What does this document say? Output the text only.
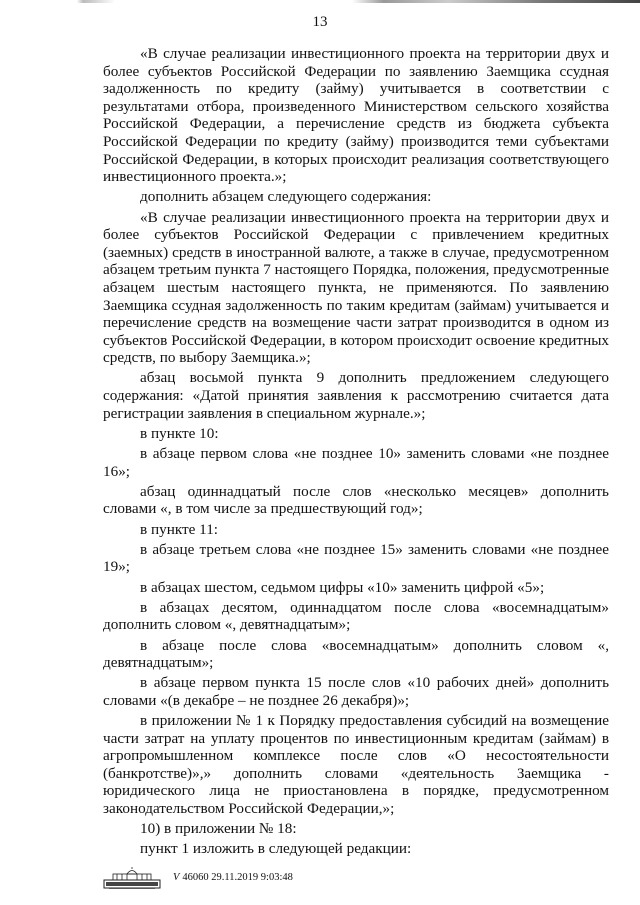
13

«В случае реализации инвестиционного проекта на территории двух и более субъектов Российской Федерации по заявлению Заемщика ссудная задолженность по кредиту (займу) учитывается в соответствии с результатами отбора, произведенного Министерством сельского хозяйства Российской Федерации, а перечисление средств из бюджета субъекта Российской Федерации по кредиту (займу) производится теми субъектами Российской Федерации, в которых происходит реализация соответствующего инвестиционного проекта.»;

дополнить абзацем следующего содержания:

«В случае реализации инвестиционного проекта на территории двух и более субъектов Российской Федерации с привлечением кредитных (заемных) средств в иностранной валюте, а также в случае, предусмотренном абзацем третьим пункта 7 настоящего Порядка, положения, предусмотренные абзацем шестым настоящего пункта, не применяются. По заявлению Заемщика ссудная задолженность по таким кредитам (займам) учитывается и перечисление средств на возмещение части затрат производится в одном из субъектов Российской Федерации, в котором происходит освоение кредитных средств, по выбору Заемщика.»;

абзац восьмой пункта 9 дополнить предложением следующего содержания: «Датой принятия заявления к рассмотрению считается дата регистрации заявления в специальном журнале.»;

в пункте 10:

в абзаце первом слова «не позднее 10» заменить словами «не позднее 16»;

абзац одиннадцатый после слов «несколько месяцев» дополнить словами «, в том числе за предшествующий год»;

в пункте 11:

в абзаце третьем слова «не позднее 15» заменить словами «не позднее 19»;

в абзацах шестом, седьмом цифры «10» заменить цифрой «5»;

в абзацах десятом, одиннадцатом после слова «восемнадцатым» дополнить словом «, девятнадцатым»;

в абзаце после слова «восемнадцатым» дополнить словом «, девятнадцатым»;

в абзаце первом пункта 15 после слов «10 рабочих дней» дополнить словами «(в декабре – не позднее 26 декабря)»;

в приложении № 1 к Порядку предоставления субсидий на возмещение части затрат на уплату процентов по инвестиционным кредитам (займам) в агропромышленном комплексе после слов «О несостоятельности (банкротстве)»,» дополнить словами «деятельность Заемщика - юридического лица не приостановлена в порядке, предусмотренном законодательством Российской Федерации,»;

10) в приложении № 18:

пункт 1 изложить в следующей редакции:

V 46060 29.11.2019 9:03:48
